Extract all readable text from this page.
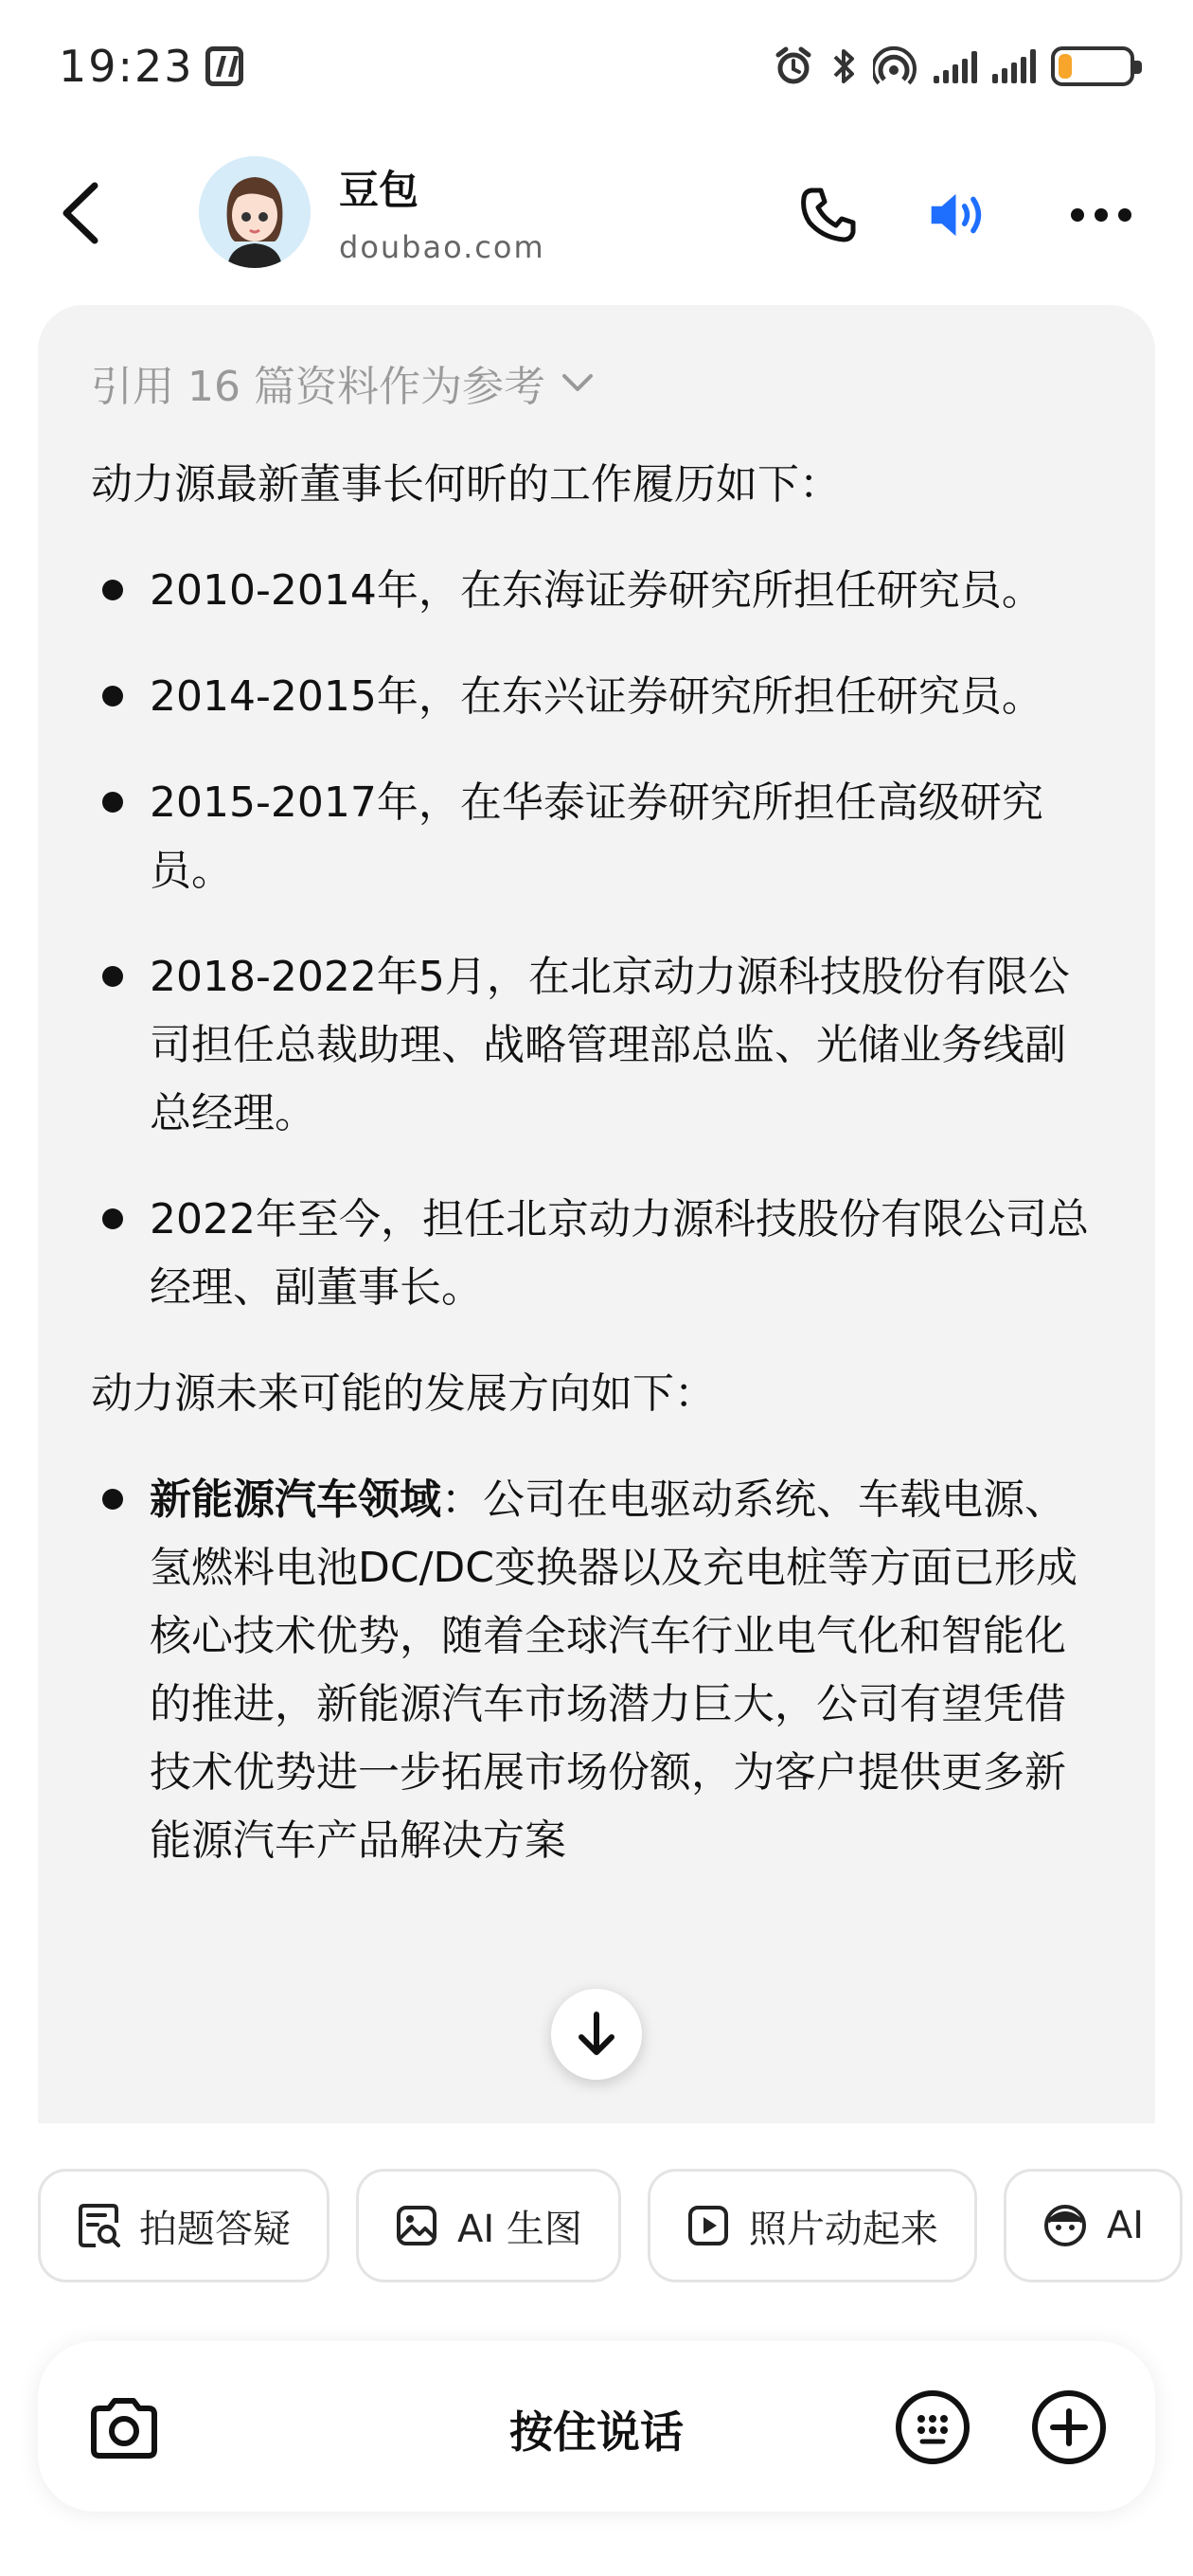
19:23
豆包
doubao.com
引用 16 篇资料作为参考
动力源最新董事长何昕的工作履历如下：
2010-2014年，在东海证券研究所担任研究员。
2014-2015年，在东兴证券研究所担任研究员。
2015-2017年，在华泰证券研究所担任高级研究员。
2018-2022年5月，在北京动力源科技股份有限公司担任总裁助理、战略管理部总监、光储业务线副总经理。
2022年至今，担任北京动力源科技股份有限公司总经理、副董事长。
动力源未来可能的发展方向如下：
新能源汽车领域：公司在电驱动系统、车载电源、氢燃料电池DC/DC变换器以及充电桩等方面已形成核心技术优势，随着全球汽车行业电气化和智能化的推进，新能源汽车市场潜力巨大，公司有望凭借技术优势进一步拓展市场份额，为客户提供更多新能源汽车产品解决方案
拍题答疑	AI 生图	照片动起来	AI
按住说话
